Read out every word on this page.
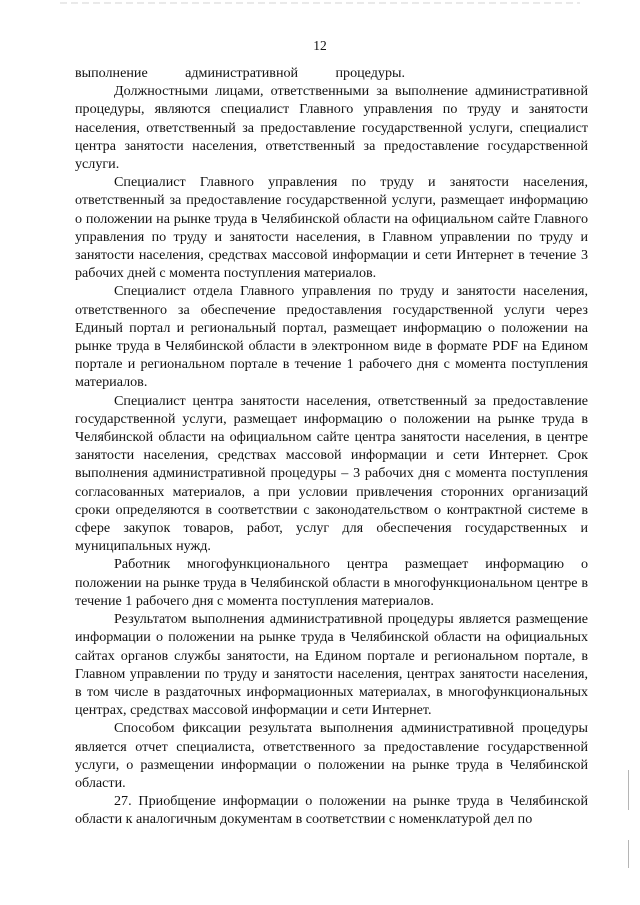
12

выполнение административной процедуры.

Должностными лицами, ответственными за выполнение административной процедуры, являются специалист Главного управления по труду и занятости населения, ответственный за предоставление государственной услуги, специалист центра занятости населения, ответственный за предоставление государственной услуги.

Специалист Главного управления по труду и занятости населения, ответственный за предоставление государственной услуги, размещает информацию о положении на рынке труда в Челябинской области на официальном сайте Главного управления по труду и занятости населения, в Главном управлении по труду и занятости населения, средствах массовой информации и сети Интернет в течение 3 рабочих дней с момента поступления материалов.

Специалист отдела Главного управления по труду и занятости населения, ответственного за обеспечение предоставления государственной услуги через Единый портал и региональный портал, размещает информацию о положении на рынке труда в Челябинской области в электронном виде в формате PDF на Едином портале и региональном портале в течение 1 рабочего дня с момента поступления материалов.

Специалист центра занятости населения, ответственный за предоставление государственной услуги, размещает информацию о положении на рынке труда в Челябинской области на официальном сайте центра занятости населения, в центре занятости населения, средствах массовой информации и сети Интернет. Срок выполнения административной процедуры – 3 рабочих дня с момента поступления согласованных материалов, а при условии привлечения сторонних организаций сроки определяются в соответствии с законодательством о контрактной системе в сфере закупок товаров, работ, услуг для обеспечения государственных и муниципальных нужд.

Работник многофункционального центра размещает информацию о положении на рынке труда в Челябинской области в многофункциональном центре в течение 1 рабочего дня с момента поступления материалов.

Результатом выполнения административной процедуры является размещение информации о положении на рынке труда в Челябинской области на официальных сайтах органов службы занятости, на Едином портале и региональном портале, в Главном управлении по труду и занятости населения, центрах занятости населения, в том числе в раздаточных информационных материалах, в многофункциональных центрах, средствах массовой информации и сети Интернет.

Способом фиксации результата выполнения административной процедуры является отчет специалиста, ответственного за предоставление государственной услуги, о размещении информации о положении на рынке труда в Челябинской области.

27. Приобщение информации о положении на рынке труда в Челябинской области к аналогичным документам в соответствии с номенклатурой дел по
